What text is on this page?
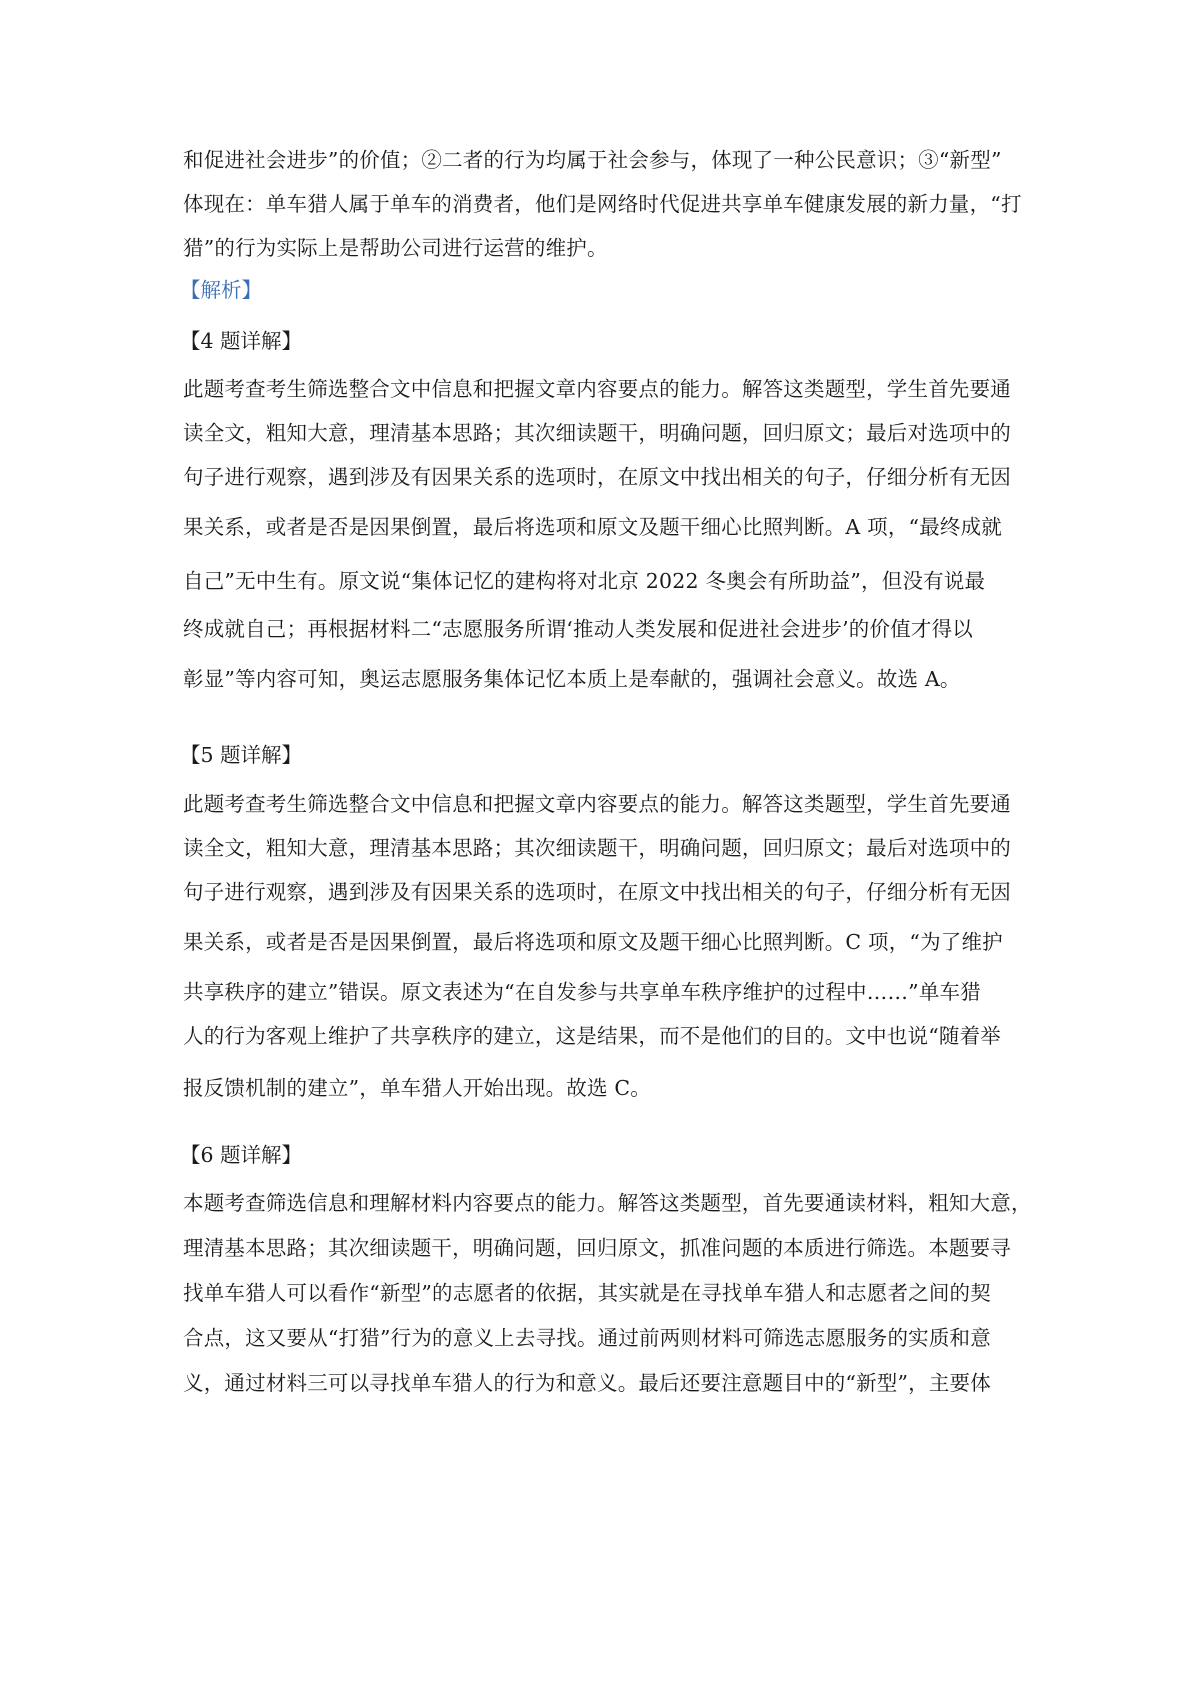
和促进社会进步”的价值；②二者的行为均属于社会参与，体现了一种公民意识；③“新型”
体现在：单车猎人属于单车的消费者，他们是网络时代促进共享单车健康发展的新力量，“打
猎”的行为实际上是帮助公司进行运营的维护。
【解析】
【4 题详解】
此题考查考生筛选整合文中信息和把握文章内容要点的能力。解答这类题型，学生首先要通
读全文，粗知大意，理清基本思路；其次细读题干，明确问题，回归原文；最后对选项中的
句子进行观察，遇到涉及有因果关系的选项时，在原文中找出相关的句子，仔细分析有无因
果关系，或者是否是因果倒置，最后将选项和原文及题干细心比照判断。A 项，“最终成就
自己”无中生有。原文说“集体记忆的建构将对北京 2022 冬奥会有所助益”，但没有说最
终成就自己；再根据材料二“志愿服务所谓‘推动人类发展和促进社会进步’的价值才得以
彰显”等内容可知，奥运志愿服务集体记忆本质上是奉献的，强调社会意义。故选 A。
【5 题详解】
此题考查考生筛选整合文中信息和把握文章内容要点的能力。解答这类题型，学生首先要通
读全文，粗知大意，理清基本思路；其次细读题干，明确问题，回归原文；最后对选项中的
句子进行观察，遇到涉及有因果关系的选项时，在原文中找出相关的句子，仔细分析有无因
果关系，或者是否是因果倒置，最后将选项和原文及题干细心比照判断。C 项，“为了维护
共享秩序的建立”错误。原文表述为“在自发参与共享单车秩序维护的过程中……”单车猎
人的行为客观上维护了共享秩序的建立，这是结果，而不是他们的目的。文中也说“随着举
报反馈机制的建立”，单车猎人开始出现。故选 C。
【6 题详解】
本题考查筛选信息和理解材料内容要点的能力。解答这类题型，首先要通读材料，粗知大意，
理清基本思路；其次细读题干，明确问题，回归原文，抓准问题的本质进行筛选。本题要寻
找单车猎人可以看作“新型”的志愿者的依据，其实就是在寻找单车猎人和志愿者之间的契
合点，这又要从“打猎”行为的意义上去寻找。通过前两则材料可筛选志愿服务的实质和意
义，通过材料三可以寻找单车猎人的行为和意义。最后还要注意题目中的“新型”，主要体
